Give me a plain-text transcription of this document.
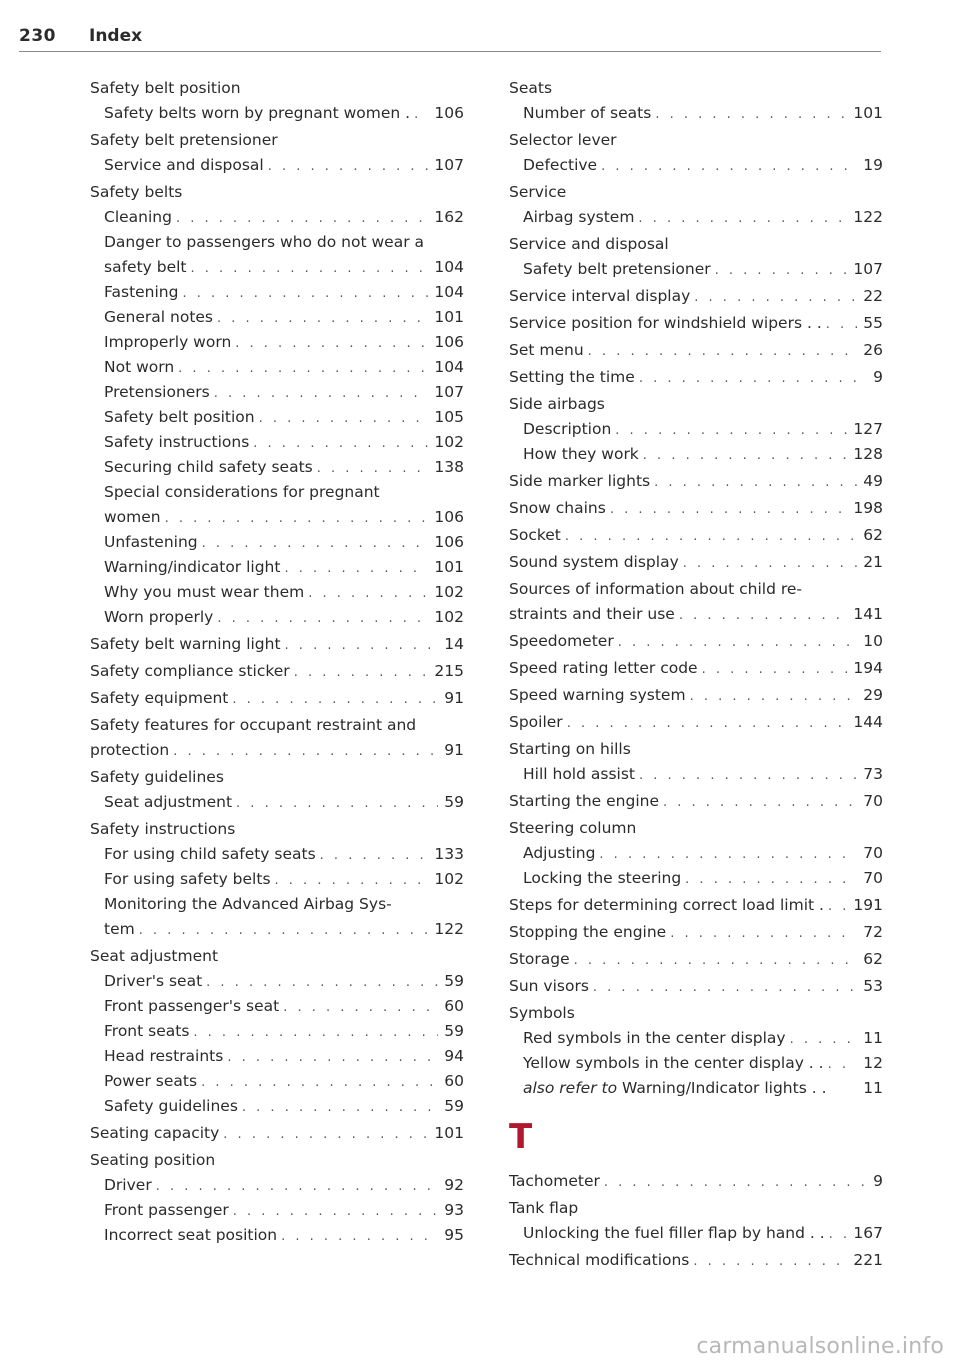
230 Index
Safety belt position
Safety belts worn by pregnant women . . . .	106
Safety belt pretensioner
Service and disposal . . .	107
Safety belts
Cleaning . . .	162
Danger to passengers who do not wear a
safety belt . . .	104
Fastening . . .	104
General notes . . .	101
Improperly worn . . .	106
Not worn . . .	104
Pretensioners . . .	107
Safety belt position . . .	105
Safety instructions . . .	102
Securing child safety seats . . .	138
Special considerations for pregnant
women . . .	106
Unfastening . . .	106
Warning/indicator light . . .	101
Why you must wear them . . .	102
Worn properly . . .	102
Safety belt warning light . . .	14
Safety compliance sticker . . .	215
Safety equipment . . .	91
Safety features for occupant restraint and
protection . . .	91
Safety guidelines
Seat adjustment . . .	59
Safety instructions
For using child safety seats . . .	133
For using safety belts . . .	102
Monitoring the Advanced Airbag Sys-
tem . . .	122
Seat adjustment
Driver's seat . . .	59
Front passenger's seat . . .	60
Front seats . . .	59
Head restraints . . .	94
Power seats . . .	60
Safety guidelines . . .	59
Seating capacity . . .	101
Seating position
Driver . . .	92
Front passenger . . .	93
Incorrect seat position . . .	95
Seats
Number of seats . . .	101
Selector lever
Defective . . .	19
Service
Airbag system . . .	122
Service and disposal
Safety belt pretensioner . . .	107
Service interval display . . .	22
Service position for windshield wipers . . . . .	55
Set menu . . .	26
Setting the time . . .	9
Side airbags
Description . . .	127
How they work . . .	128
Side marker lights . . .	49
Snow chains . . .	198
Socket . . .	62
Sound system display . . .	21
Sources of information about child re-
straints and their use . . .	141
Speedometer . . .	10
Speed rating letter code . . .	194
Speed warning system . . .	29
Spoiler . . .	144
Starting on hills
Hill hold assist . . .	73
Starting the engine . . .	70
Steering column
Adjusting . . .	70
Locking the steering . . .	70
Steps for determining correct load limit . . . .	191
Stopping the engine . . .	72
Storage . . .	62
Sun visors . . .	53
Symbols
Red symbols in the center display . . .	11
Yellow symbols in the center display . . . . .	12
also refer to Warning/Indicator lights . .	11
T
Tachometer . . .	9
Tank flap
Unlocking the fuel filler flap by hand . . . . .	167
Technical modifications . . .	221
carmanualsonline.info
